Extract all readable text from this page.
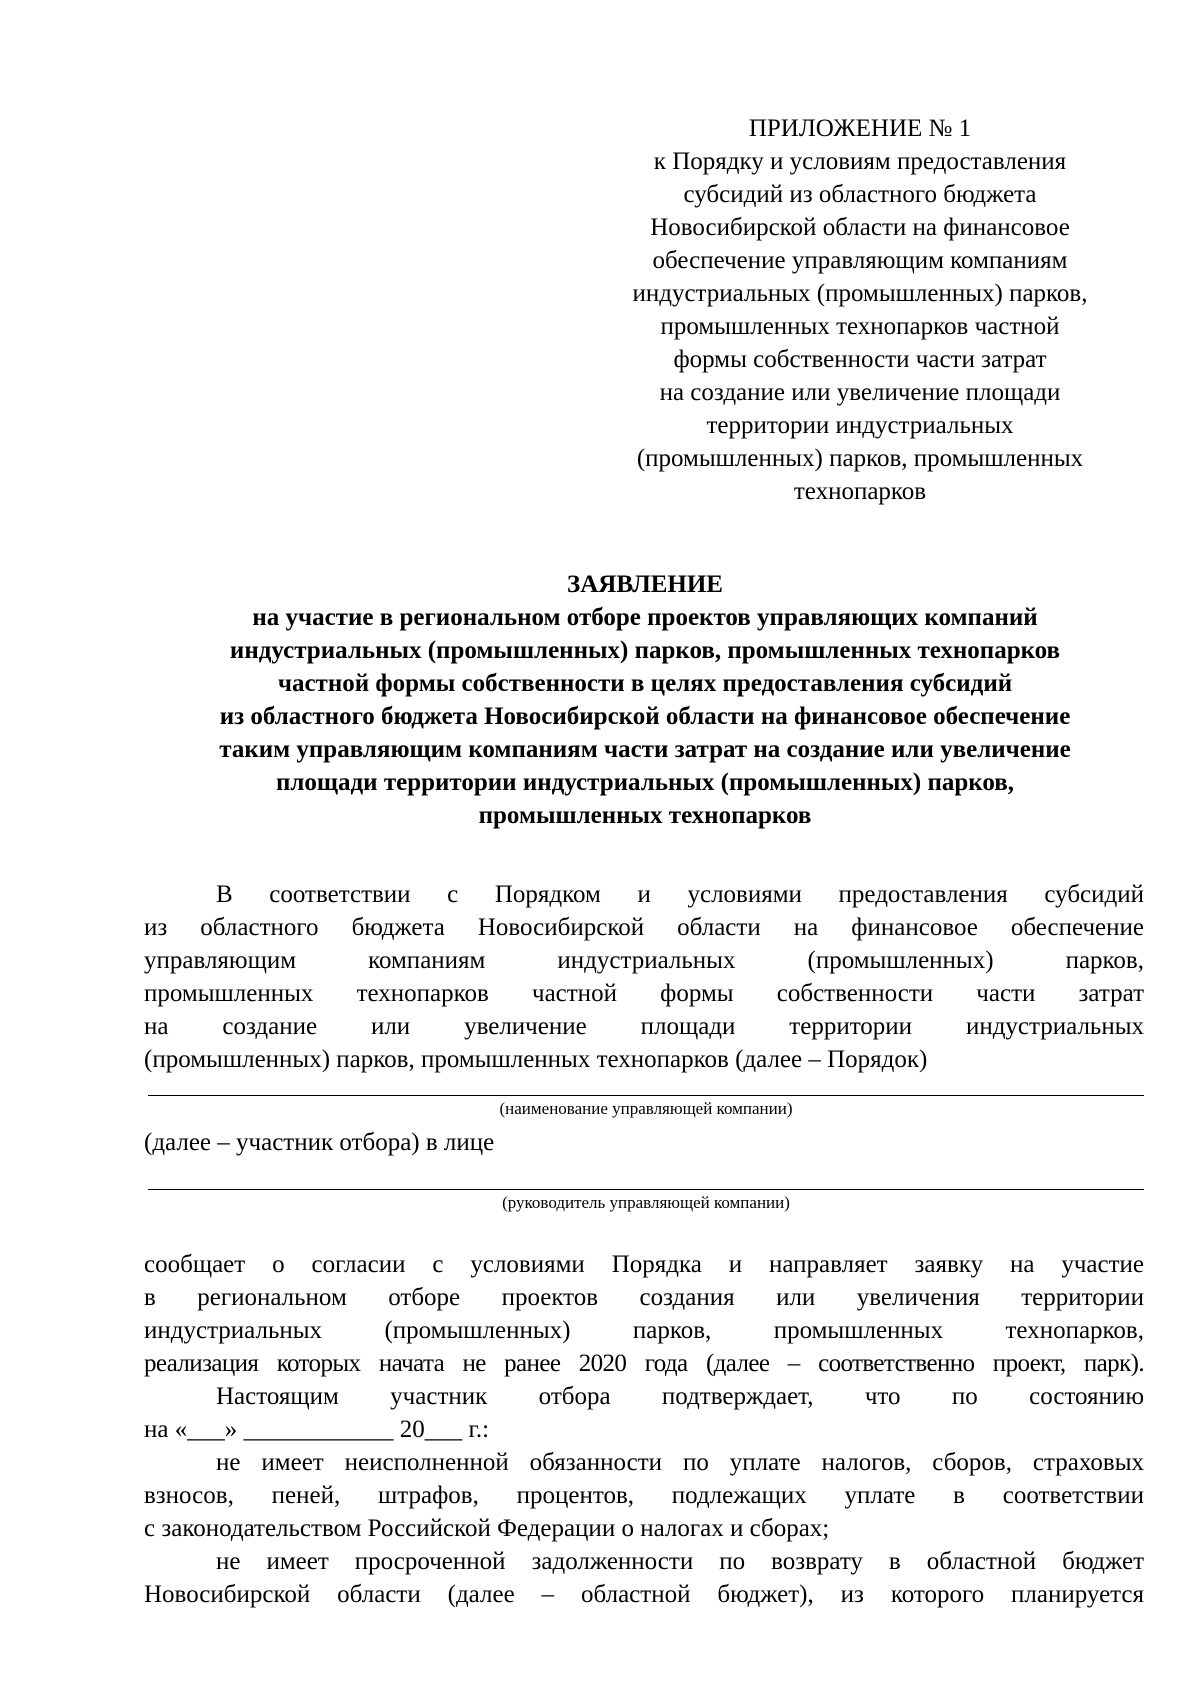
ПРИЛОЖЕНИЕ № 1
к Порядку и условиям предоставления
субсидий из областного бюджета
Новосибирской области на финансовое
обеспечение управляющим компаниям
индустриальных (промышленных) парков,
промышленных технопарков частной
формы собственности части затрат
на создание или увеличение площади
территории индустриальных
(промышленных) парков, промышленных
технопарков
ЗАЯВЛЕНИЕ
на участие в региональном отборе проектов управляющих компаний
индустриальных (промышленных) парков, промышленных технопарков
частной формы собственности в целях предоставления субсидий
из областного бюджета Новосибирской области на финансовое обеспечение
таким управляющим компаниям части затрат на создание или увеличение
площади территории индустриальных (промышленных) парков,
промышленных технопарков
В соответствии с Порядком и условиями предоставления субсидий
из областного бюджета Новосибирской области на финансовое обеспечение
управляющим компаниям индустриальных (промышленных) парков,
промышленных технопарков частной формы собственности части затрат
на создание или увеличение площади территории индустриальных
(промышленных) парков, промышленных технопарков (далее – Порядок)
(наименование управляющей компании)
(далее – участник отбора) в лице
(руководитель управляющей компании)
сообщает о согласии с условиями Порядка и направляет заявку на участие
в региональном отборе проектов создания или увеличения территории
индустриальных (промышленных) парков, промышленных технопарков,
реализация которых начата не ранее 2020 года (далее – соответственно проект, парк).
Настоящим участник отбора подтверждает, что по состоянию
на «___» ____________ 20___ г.:
не имеет неисполненной обязанности по уплате налогов, сборов, страховых
взносов, пеней, штрафов, процентов, подлежащих уплате в соответствии
с законодательством Российской Федерации о налогах и сборах;
не имеет просроченной задолженности по возврату в областной бюджет
Новосибирской области (далее – областной бюджет), из которого планируется
